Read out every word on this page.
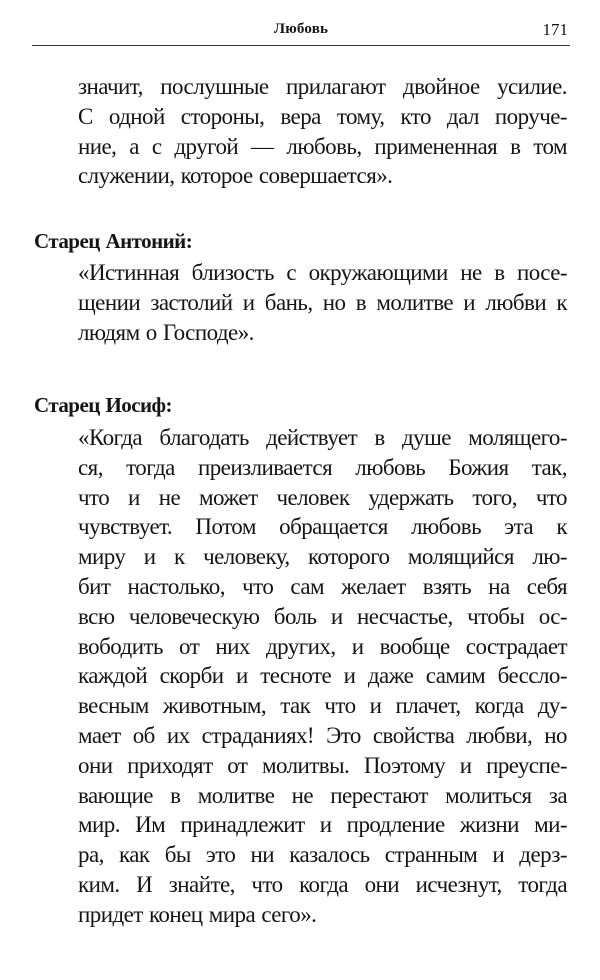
Любовь	171
значит, послушные прилагают двойное усилие.
С одной стороны, вера тому, кто дал поруче-
ние, а с другой — любовь, примененная в том
служении, которое совершается».
Старец Антоний:
«Истинная близость с окружающими не в посе-
щении застолий и бань, но в молитве и любви к
людям о Господе».
Старец Иосиф:
«Когда благодать действует в душе молящего-
ся, тогда преизливается любовь Божия так,
что и не может человек удержать того, что
чувствует. Потом обращается любовь эта к
миру и к человеку, которого молящийся лю-
бит настолько, что сам желает взять на себя
всю человеческую боль и несчастье, чтобы ос-
вободить от них других, и вообще сострадает
каждой скорби и тесноте и даже самим бессло-
весным животным, так что и плачет, когда ду-
мает об их страданиях! Это свойства любви, но
они приходят от молитвы. Поэтому и преуспе-
вающие в молитве не перестают молиться за
мир. Им принадлежит и продление жизни ми-
ра, как бы это ни казалось странным и дерз-
ким. И знайте, что когда они исчезнут, тогда
придет конец мира сего».
